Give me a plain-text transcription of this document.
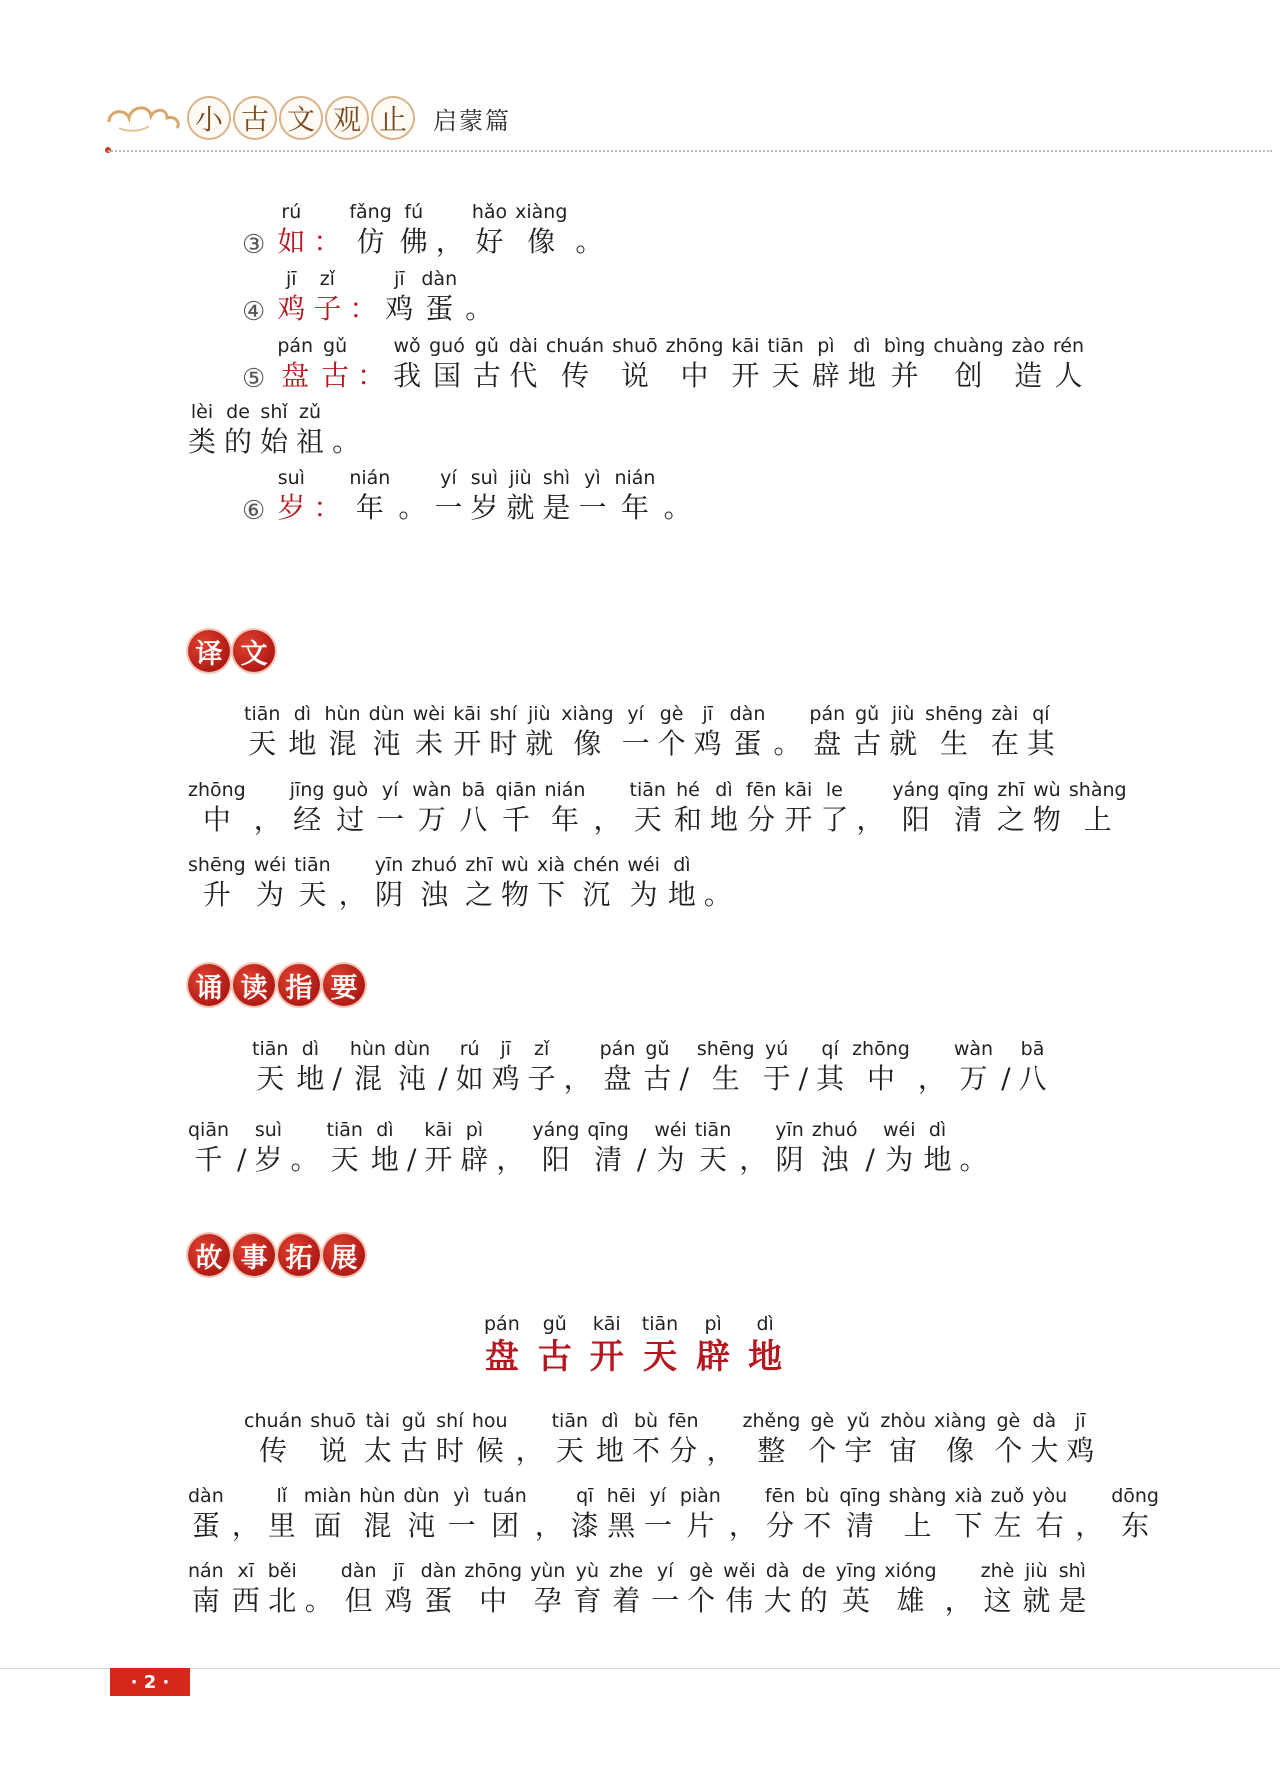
小 古 文 观 止	启蒙篇
③
rú
如 ：
fǎng
仿
fú
佛 ，
hǎo
好
xiàng
像 。
④
jī
鸡
zǐ
子 ：
jī
鸡
dàn
蛋 。
⑤
pán
盘
gǔ
古 ：
wǒ
我
guó
国
gǔ
古
dài
代
chuán
传
shuō
说
zhōng
中
kāi
开
tiān
天
pì
辟
dì
地
bìng
并
chuàng
创
zào
造
rén
人
lèi
类
de
的
shǐ
始
zǔ
祖 。
⑥
suì
岁 ：
nián
年 。
yí
一
suì
岁
jiù
就
shì
是
yì
一
nián
年 。
译 文
tiān
天
dì
地
hùn
混
dùn
沌
wèi
未
kāi
开
shí
时
jiù
就
xiàng
像
yí
一
gè
个
jī
鸡
dàn
蛋 。
pán
盘
gǔ
古
jiù
就
shēng
生
zài
在
qí
其
zhōng
中 ，
jīng
经
guò
过
yí
一
wàn
万
bā
八
qiān
千
nián
年 ，
tiān
天
hé
和
dì
地
fēn
分
kāi
开
le
了 ，
yáng
阳
qīng
清
zhī
之
wù
物
shàng
上
shēng
升
wéi
为
tiān
天 ，
yīn
阴
zhuó
浊
zhī
之
wù
物
xià
下
chén
沉
wéi
为
dì
地 。
诵 读 指 要
tiān
天
dì
地 /
hùn
混
dùn
沌 /
rú
如
jī
鸡
zǐ
子 ，
pán
盘
gǔ
古 /
shēng
生
yú
于 /
qí
其
zhōng
中 ，
wàn
万 /
bā
八
qiān
千 /
suì
岁 。
tiān
天
dì
地 /
kāi
开
pì
辟 ，
yáng
阳
qīng
清 /
wéi
为
tiān
天 ，
yīn
阴
zhuó
浊 /
wéi
为
dì
地 。
故 事 拓 展
pán
盘
gǔ
古
kāi
开
tiān
天
pì
辟
dì
地
chuán
传
shuō
说
tài
太
gǔ
古
shí
时
hou
候 ，
tiān
天
dì
地
bù
不
fēn
分 ，
zhěng
整
gè
个
yǔ
宇
zhòu
宙
xiàng
像
gè
个
dà
大
jī
鸡
dàn
蛋 ，
lǐ
里
miàn
面
hùn
混
dùn
沌
yì
一
tuán
团 ，
qī
漆
hēi
黑
yí
一
piàn
片 ，
fēn
分
bù
不
qīng
清
shàng
上
xià
下
zuǒ
左
yòu
右 ，
dōng
东
nán
南
xī
西
běi
北 。
dàn
但
jī
鸡
dàn
蛋
zhōng
中
yùn
孕
yù
育
zhe
着
yí
一
gè
个
wěi
伟
dà
大
de
的
yīng
英
xióng
雄 ，
zhè
这
jiù
就
shì
是
· 2 ·
